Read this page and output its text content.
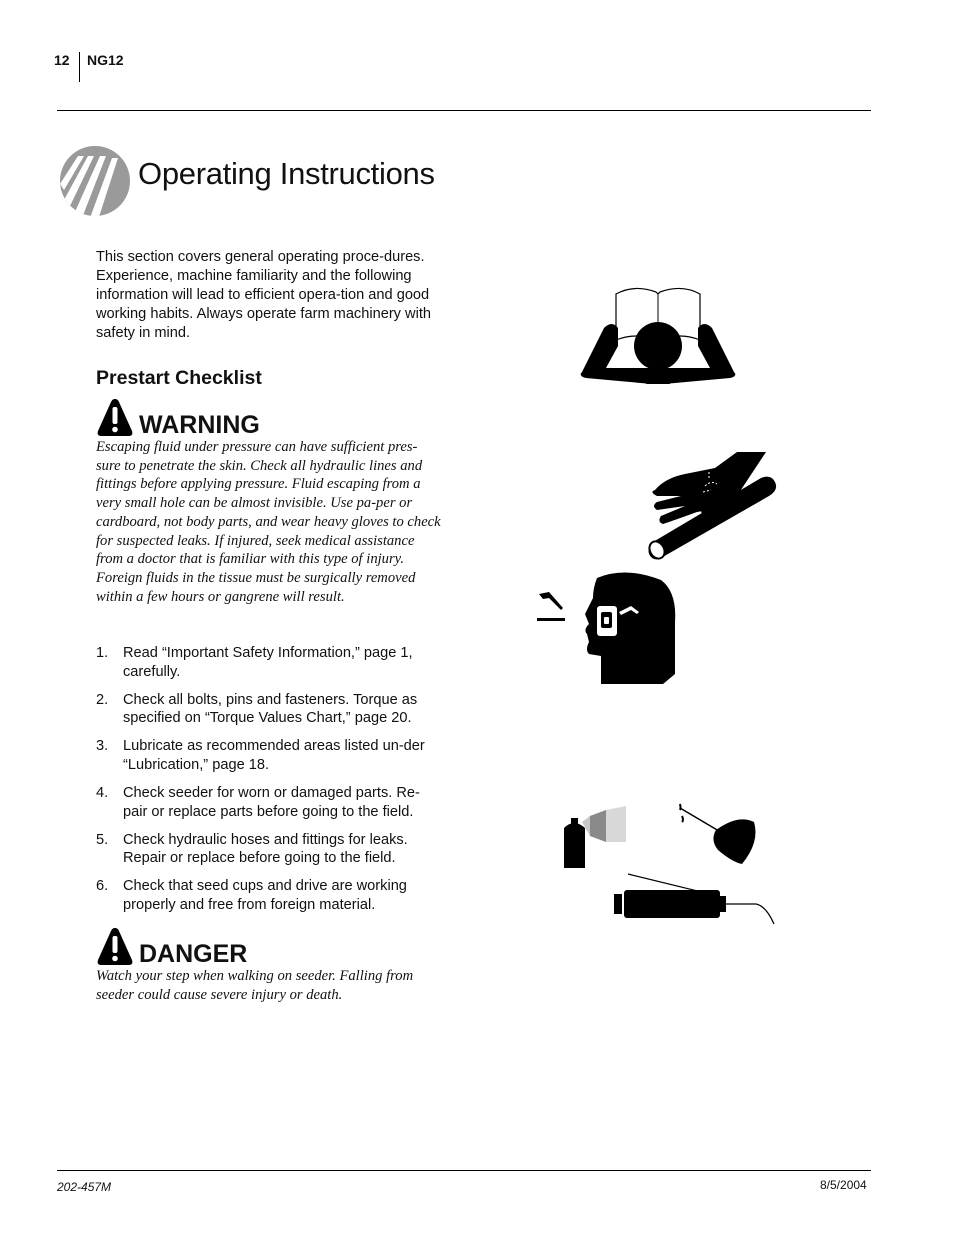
12 NG12
Operating Instructions

This section covers general operating proce-dures. Experience, machine familiarity and the following information will lead to efficient opera-tion and good working habits. Always operate farm machinery with safety in mind.

Prestart Checklist
WARNING
Escaping fluid under pressure can have sufficient pres-sure to penetrate the skin. Check all hydraulic lines and fittings before applying pressure. Fluid escaping from a very small hole can be almost invisible. Use pa-per or cardboard, not body parts, and wear heavy gloves to check for suspected leaks. If injured, seek medical assistance from a doctor that is familiar with this type of injury. Foreign fluids in the tissue must be surgically removed within a few hours or gangrene will result.
1.	Read “Important Safety Information,” page 1, carefully.
2.	Check all bolts, pins and fasteners. Torque as specified on “Torque Values Chart,” page 20.
3.	Lubricate as recommended areas listed un-der “Lubrication,” page 18.
4.	Check seeder for worn or damaged parts. Re-pair or replace parts before going to the field.
5.	Check hydraulic hoses and fittings for leaks. Repair or replace before going to the field.
6.	Check that seed cups and drive are working properly and free from foreign material.
DANGER
Watch your step when walking on seeder. Falling from seeder could cause severe injury or death.
202-457M	8/5/2004
